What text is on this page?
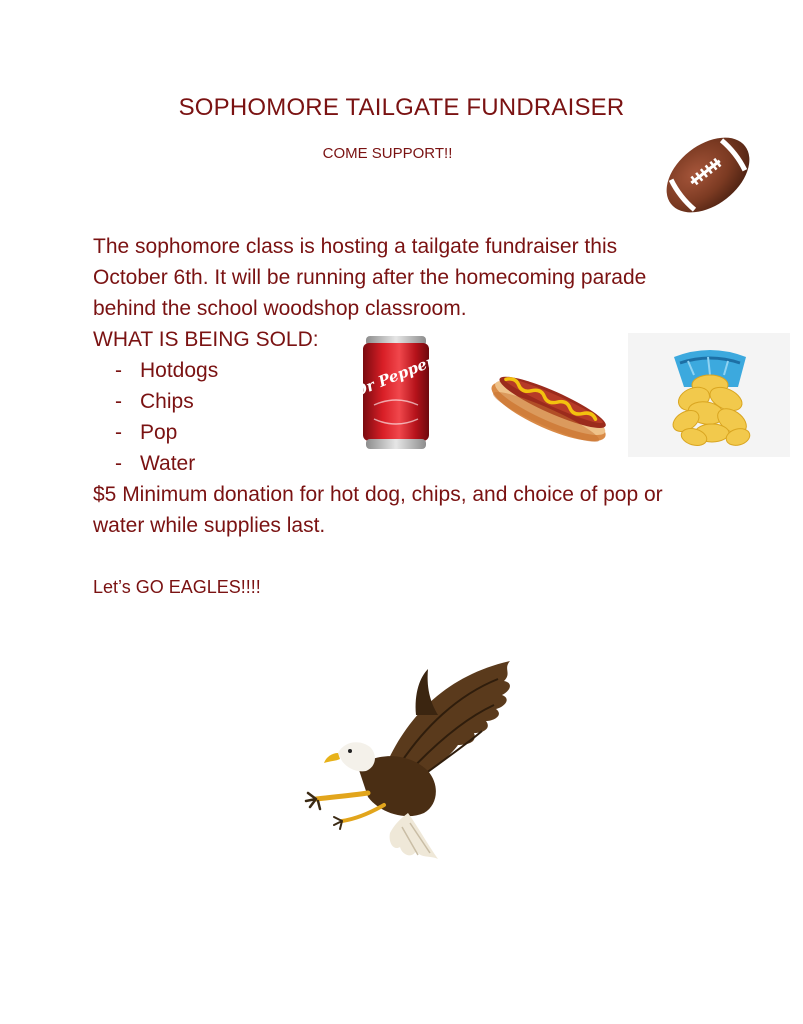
SOPHOMORE TAILGATE FUNDRAISER
COME SUPPORT!!

The sophomore class is hosting a tailgate fundraiser this October 6th. It will be running after the homecoming parade behind the school woodshop classroom.

WHAT IS BEING SOLD:

- Hotdogs
- Chips
- Pop
- Water

$5 Minimum donation for hot dog, chips, and choice of pop or water while supplies last.

Let’s GO EAGLES!!!!

Dr Pepper
